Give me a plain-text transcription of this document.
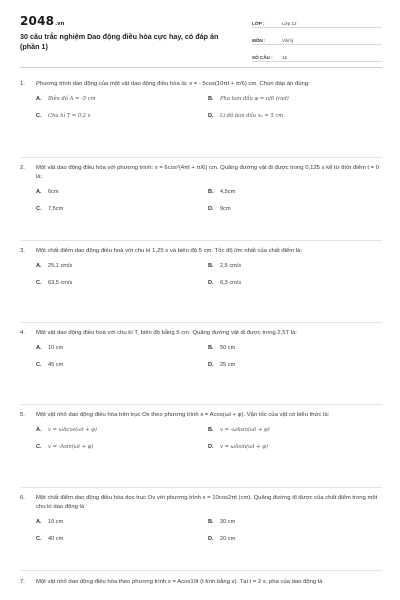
2048.vn
30 câu trắc nghiệm Dao động điều hòa cực hay, có đáp án (phần 1)
LỚP :	Lớp 12
MÔN :	Vật lý
SỐ CÂU :	15
1.	Phương trình dao động của một vật dao động điều hòa là: x = - 5cos(10πt + π/6) cm. Chọn đáp án đúng:
A.	Biên độ A = -5 cm	B.	Pha ban đầu φ = π/6 (rad)
C.	Chu kì T = 0,2 s	D.	Li độ ban đầu x₀ = 5 cm
2.	Một vật dao động điều hòa với phương trình: x = 6cos²(4πt + π/6) cm. Quãng đường vật đi được trong 0,125 s kể từ thời điểm t = 0 là:
A.	6cm	B.	4,5cm
C.	7,5cm	D.	9cm
3.	Một chất điểm dao động điều hoà với chu kì 1,25 s và biên độ 5 cm. Tốc độ lớn nhất của chất điểm là:
A.	25,1 cm/s	B.	2,5 cm/s
C.	63,5 cm/s	D.	6,3 cm/s
4.	Một vật dao động điều hoà với chu kì T, biên độ bằng 5 cm. Quãng đường vật đi được trong 2,5T là:
A.	10 cm	B.	50 cm
C.	45 cm	D.	25 cm
5.	Một vật nhỏ dao động điều hòa trên trục Ox theo phương trình x = Acos(ωt + φ). Vận tốc của vật có biểu thức là:
A.	v = ωAcos(ωt + φ)	B.	v = -ωAsin(ωt + φ)
C.	v = -Asin(ωt + φ)	D.	v = ωAsin(ωt + φ)
6.	Một chất điểm dao động điều hòa dọc trục Ox với phương trình x = 10cos2πt (cm). Quãng đường đi được của chất điểm trong một chu kì dao động là
A.	10 cm	B.	30 cm
C.	40 cm	D.	20 cm
7.	Một vật nhỏ dao động điều hòa theo phương trình x = Acos10t (t tính bằng s). Tại t = 2 s, pha của dao động là
